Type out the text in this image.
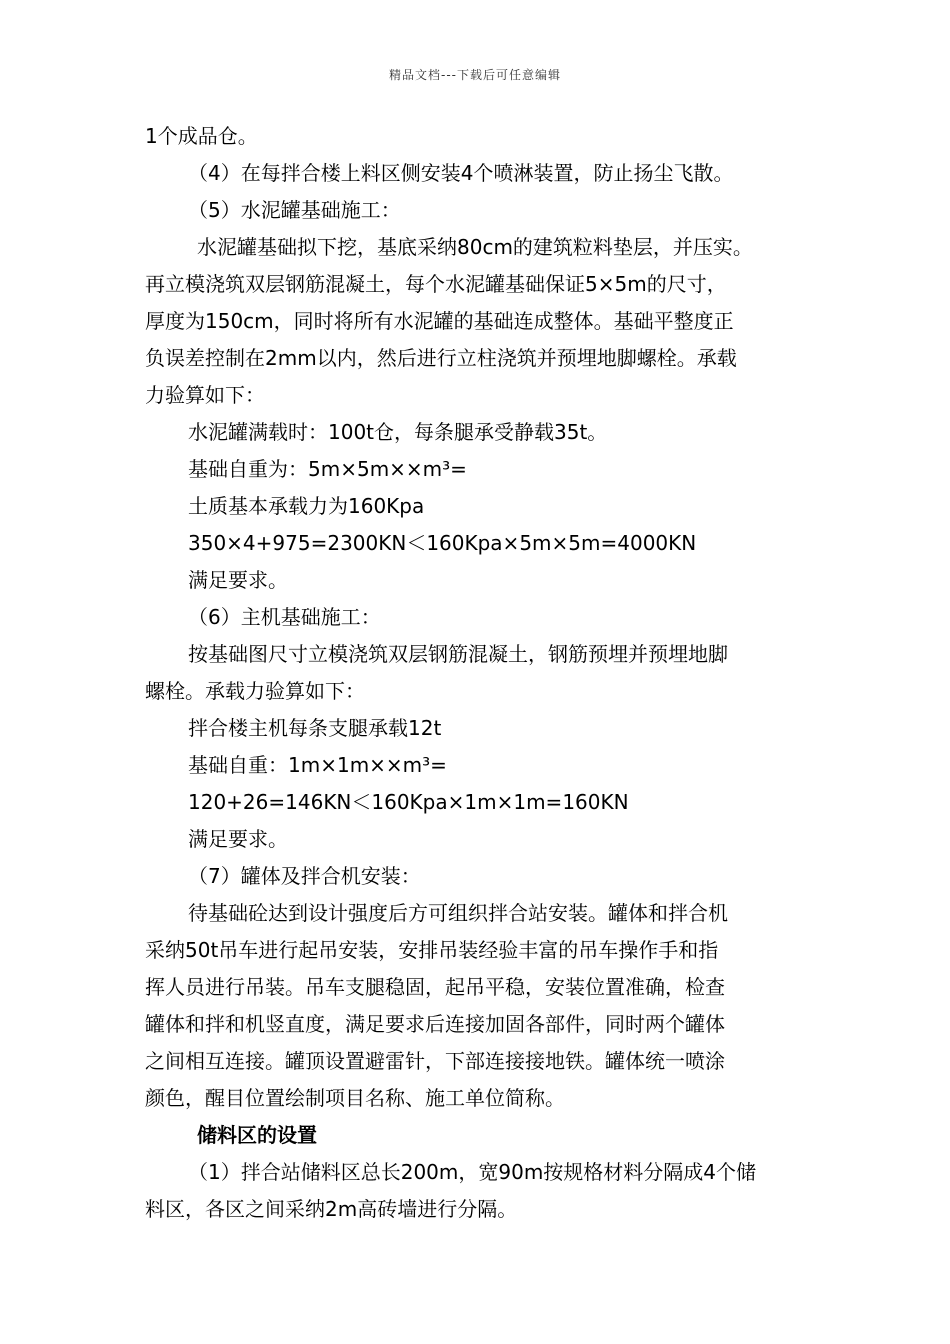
精品文档---下载后可任意编辑
1个成品仓。
（4）在每拌合楼上料区侧安装4个喷淋装置，防止扬尘飞散。
（5）水泥罐基础施工：
水泥罐基础拟下挖，基底采纳80cm的建筑粒料垫层，并压实。
再立模浇筑双层钢筋混凝土，每个水泥罐基础保证5×5m的尺寸，
厚度为150cm，同时将所有水泥罐的基础连成整体。基础平整度正
负误差控制在2mm以内，然后进行立柱浇筑并预埋地脚螺栓。承载
力验算如下：
水泥罐满载时：100t仓，每条腿承受静载35t。
基础自重为：5m×5m××m³=
土质基本承载力为160Kpa
350×4+975=2300KN＜160Kpa×5m×5m=4000KN
满足要求。
（6）主机基础施工：
按基础图尺寸立模浇筑双层钢筋混凝土，钢筋预埋并预埋地脚
螺栓。承载力验算如下：
拌合楼主机每条支腿承载12t
基础自重：1m×1m××m³=
120+26=146KN＜160Kpa×1m×1m=160KN
满足要求。
（7）罐体及拌合机安装：
待基础砼达到设计强度后方可组织拌合站安装。罐体和拌合机
采纳50t吊车进行起吊安装，安排吊装经验丰富的吊车操作手和指
挥人员进行吊装。吊车支腿稳固，起吊平稳，安装位置准确，检查
罐体和拌和机竖直度，满足要求后连接加固各部件，同时两个罐体
之间相互连接。罐顶设置避雷针，下部连接接地铁。罐体统一喷涂
颜色，醒目位置绘制项目名称、施工单位简称。
储料区的设置
（1）拌合站储料区总长200m，宽90m按规格材料分隔成4个储
料区，各区之间采纳2m高砖墙进行分隔。
